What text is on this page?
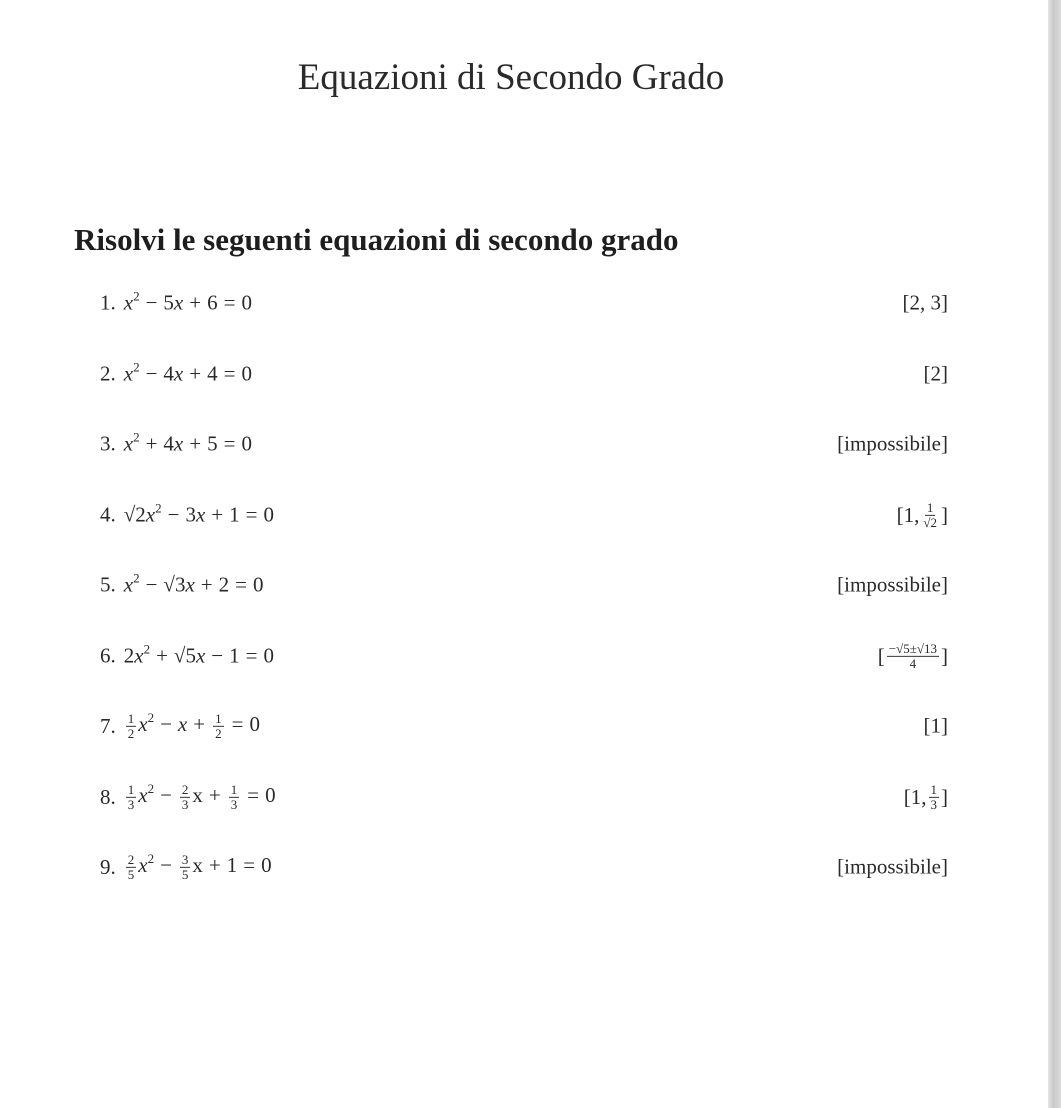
Equazioni di Secondo Grado
Risolvi le seguenti equazioni di secondo grado
1. $x^2 - 5x + 6 = 0$	[2, 3]
2. $x^2 - 4x + 4 = 0$	[2]
3. $x^2 + 4x + 5 = 0$	[impossibile]
4. $√2x^2 - 3x + 1 = 0$	[1, $\frac{1}{√2}$ ]
5. $x^2 - √3x + 2 = 0$	[impossibile]
6. $2x^2 + √5x - 1 = 0$	[ $\frac{-√5\pm√13}{4}$ ]
7. $\frac{1}{2} x^2 - x + \frac{1}{2} = 0$	[1]
8. $\frac{1}{3} x^2 - \frac{2}{3}$ $x + \frac{1}{3} = 0$	[1, $\frac{1}{3}$ ]
9. $\frac{2}{5} x^2 - \frac{3}{5}$ x + 1 = 0	[impossibile]
